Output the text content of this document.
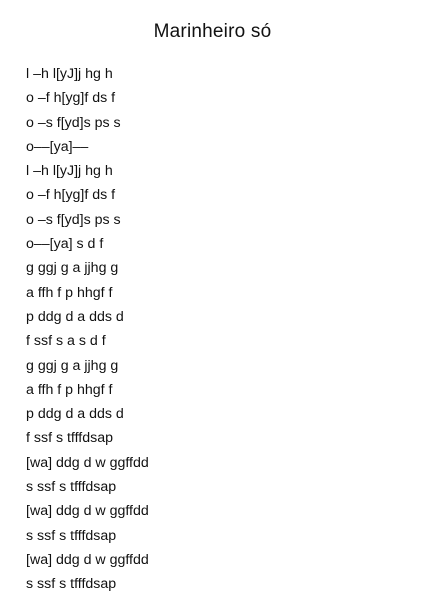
Marinheiro só
l –h l[yJ]j hg h
o –f h[yg]f ds f
o –s f[yd]s ps s
o––[ya]––
l –h l[yJ]j hg h
o –f h[yg]f ds f
o –s f[yd]s ps s
o––[ya] s d f
g ggj g a jjhg g
a ffh f p hhgf f
p ddg d a dds d
f ssf s a s d f
g ggj g a jjhg g
a ffh f p hhgf f
p ddg d a dds d
f ssf s tfffdsap
[wa] ddg d w ggffdd
s ssf s tfffdsap
[wa] ddg d w ggffdd
s ssf s tfffdsap
[wa] ddg d w ggffdd
s ssf s tfffdsap
